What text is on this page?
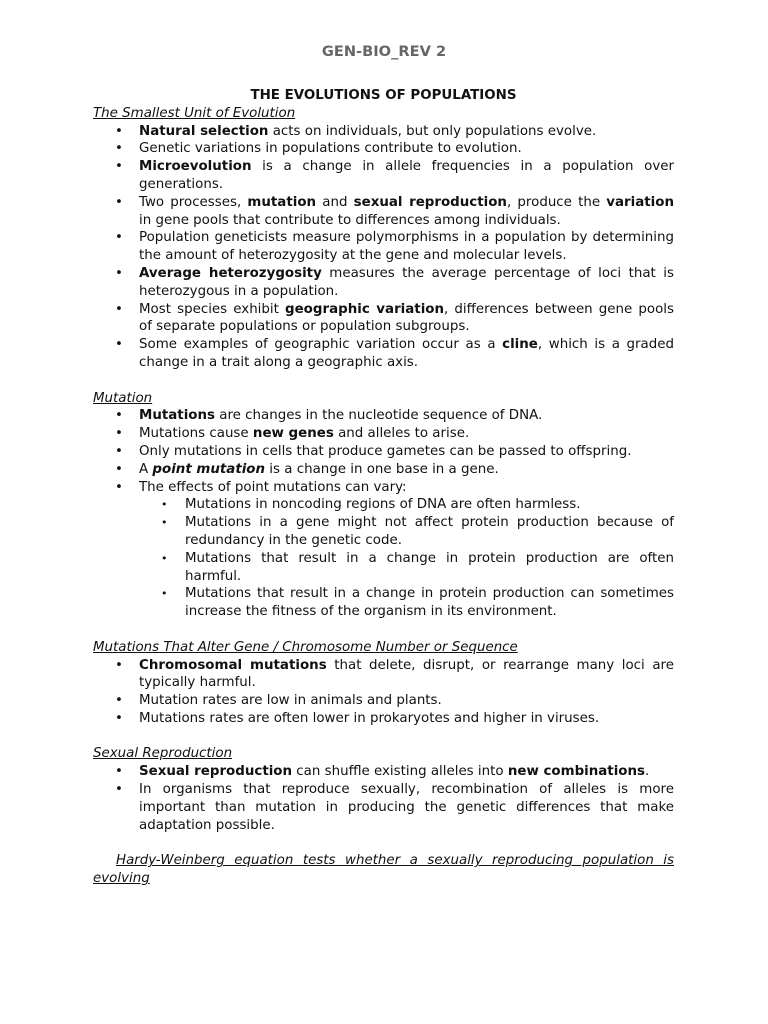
GEN-BIO_REV 2
THE EVOLUTIONS OF POPULATIONS
The Smallest Unit of Evolution
• Natural selection acts on individuals, but only populations evolve.
• Genetic variations in populations contribute to evolution.
• Microevolution is a change in allele frequencies in a population over generations.
• Two processes, mutation and sexual reproduction, produce the variation in gene pools that contribute to differences among individuals.
• Population geneticists measure polymorphisms in a population by determining the amount of heterozygosity at the gene and molecular levels.
• Average heterozygosity measures the average percentage of loci that is heterozygous in a population.
• Most species exhibit geographic variation, differences between gene pools of separate populations or population subgroups.
• Some examples of geographic variation occur as a cline, which is a graded change in a trait along a geographic axis.
Mutation
• Mutations are changes in the nucleotide sequence of DNA.
• Mutations cause new genes and alleles to arise.
• Only mutations in cells that produce gametes can be passed to offspring.
• A point mutation is a change in one base in a gene.
• The effects of point mutations can vary:
• Mutations in noncoding regions of DNA are often harmless.
• Mutations in a gene might not affect protein production because of redundancy in the genetic code.
• Mutations that result in a change in protein production are often harmful.
• Mutations that result in a change in protein production can sometimes increase the fitness of the organism in its environment.
Mutations That Alter Gene / Chromosome Number or Sequence
• Chromosomal mutations that delete, disrupt, or rearrange many loci are typically harmful.
• Mutation rates are low in animals and plants.
• Mutations rates are often lower in prokaryotes and higher in viruses.
Sexual Reproduction
• Sexual reproduction can shuffle existing alleles into new combinations.
• In organisms that reproduce sexually, recombination of alleles is more important than mutation in producing the genetic differences that make adaptation possible.
Hardy-Weinberg equation tests whether a sexually reproducing population is evolving
